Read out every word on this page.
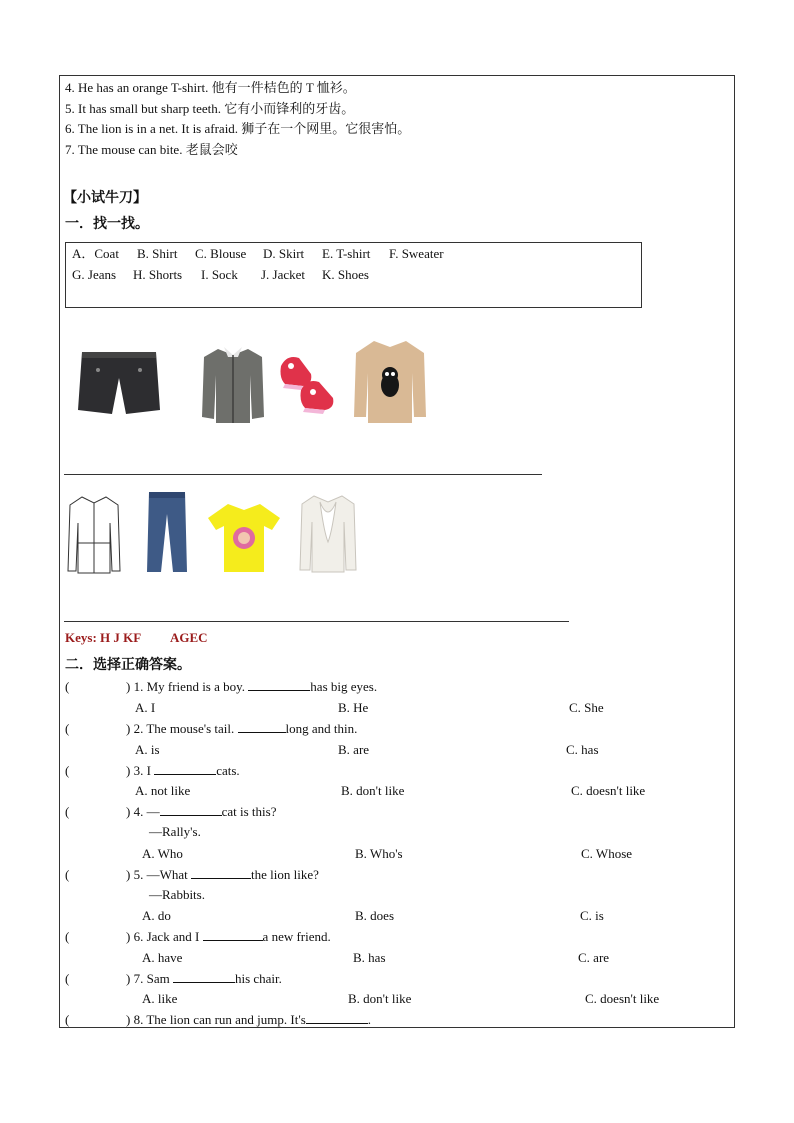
4. He has an orange T-shirt. 他有一件桔色的 T 恤衫。
5. It has small but sharp teeth. 它有小而锋利的牙齿。
6. The lion is in a net. It is afraid. 狮子在一个网里。它很害怕。
7. The mouse can bite. 老鼠会咬
【小试牛刀】
一．找一找。
A．Coat B. Shirt C. Blouse D. Skirt E. T-shirt F. Sweater
G. Jeans H. Shorts I. Sock J. Jacket K. Shoes
Keys: H J KF AGEC
二．选择正确答案。
(	) 1. My friend is a boy.	has big eyes.
A. I	B. He	C. She
(	) 2. The mouse's tail.	long and thin.
A. is	B. are	C. has
(	) 3. I	cats.
A. not like	B. don't like	C. doesn't like
(	) 4. —	cat is this?
—Rally's.
A. Who	B. Who's	C. Whose
(	) 5. —What	the lion like?
—Rabbits.
A. do	B. does	C. is
(	) 6. Jack and I	a new friend.
A. have	B. has	C. are
(	) 7. Sam	his chair.
A. like	B. don't like	C. doesn't like
(	) 8. The lion can run and jump. It's	.
